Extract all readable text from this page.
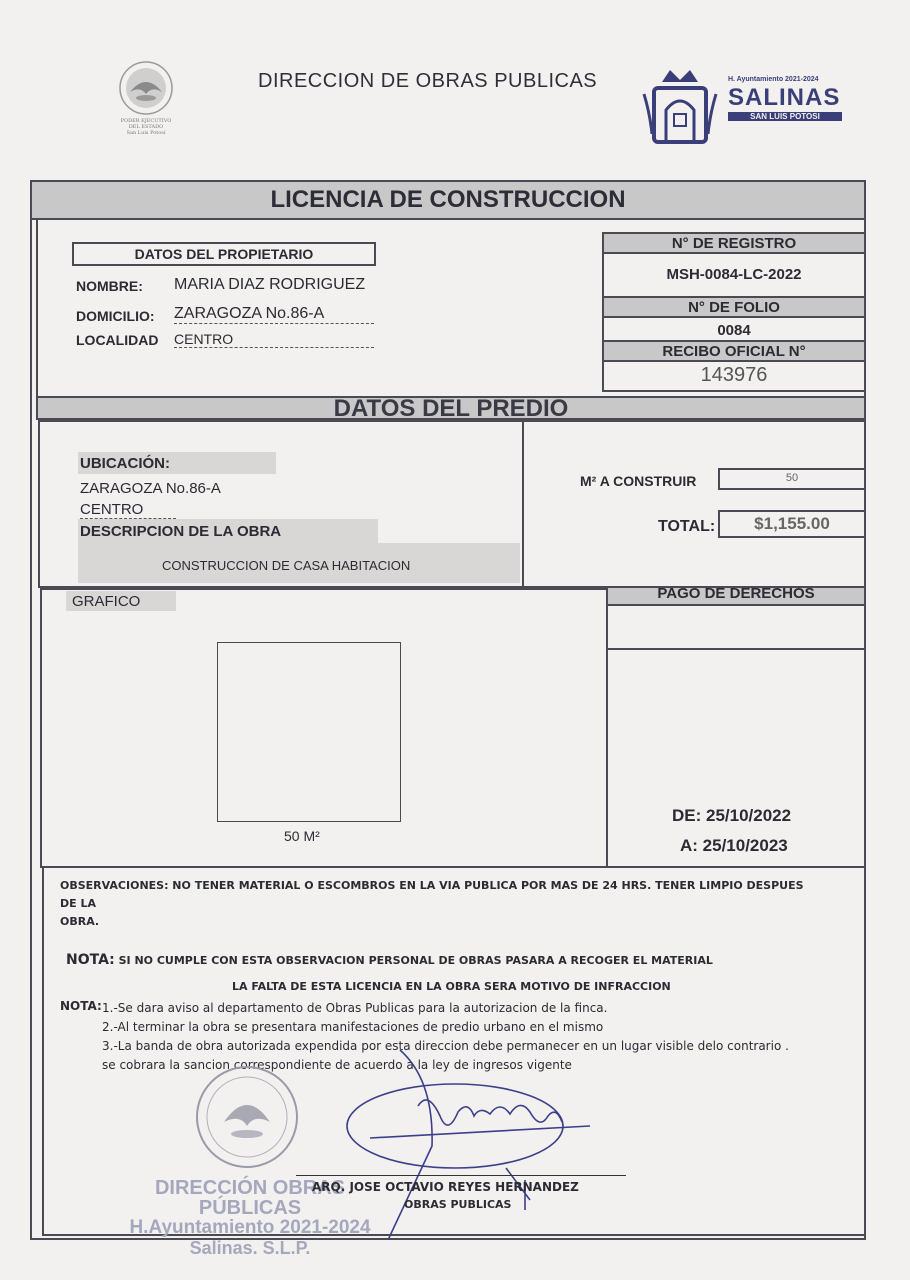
PODER EJECUTIVO
DEL ESTADO
San Luis Potosí
DIRECCION DE OBRAS PUBLICAS	H. Ayuntamiento 2021-2024
SALINAS
SAN LUIS POTOSI
LICENCIA DE CONSTRUCCION
DATOS DEL PROPIETARIO
NOMBRE: MARIA DIAZ RODRIGUEZ
DOMICILIO: ZARAGOZA No.86-A
LOCALIDAD CENTRO
N° DE REGISTRO
MSH-0084-LC-2022
N° DE FOLIO
0084
RECIBO OFICIAL N°
143976
DATOS DEL PREDIO
UBICACIÓN:
ZARAGOZA No.86-A
CENTRO
DESCRIPCION DE LA OBRA
CONSTRUCCION DE CASA HABITACION
M² A CONSTRUIR	50
TOTAL:	$1,155.00
GRAFICO
50 M²
PAGO DE DERECHOS
DE: 25/10/2022
A: 25/10/2023
OBSERVACIONES: NO TENER MATERIAL O ESCOMBROS EN LA VIA PUBLICA POR MAS DE 24 HRS. TENER LIMPIO DESPUES DE LA
OBRA.
NOTA: SI NO CUMPLE CON ESTA OBSERVACION PERSONAL DE OBRAS PASARA A RECOGER EL MATERIAL
LA FALTA DE ESTA LICENCIA EN LA OBRA SERA MOTIVO DE INFRACCION
NOTA: 1.-Se dara aviso al departamento de Obras Publicas para la autorizacion de la finca.
2.-Al terminar la obra se presentara manifestaciones de predio urbano en el mismo
3.-La banda de obra autorizada expendida por esta direccion debe permanecer en un lugar visible delo contrario .
se cobrara la sancion correspondiente de acuerdo a la ley de ingresos vigente
DIRECCIÓN OBRAS
PÚBLICAS
H.Ayuntamiento 2021-2024
Salinas. S.L.P.
ARQ. JOSE OCTAVIO REYES HERNANDEZ
OBRAS PUBLICAS
